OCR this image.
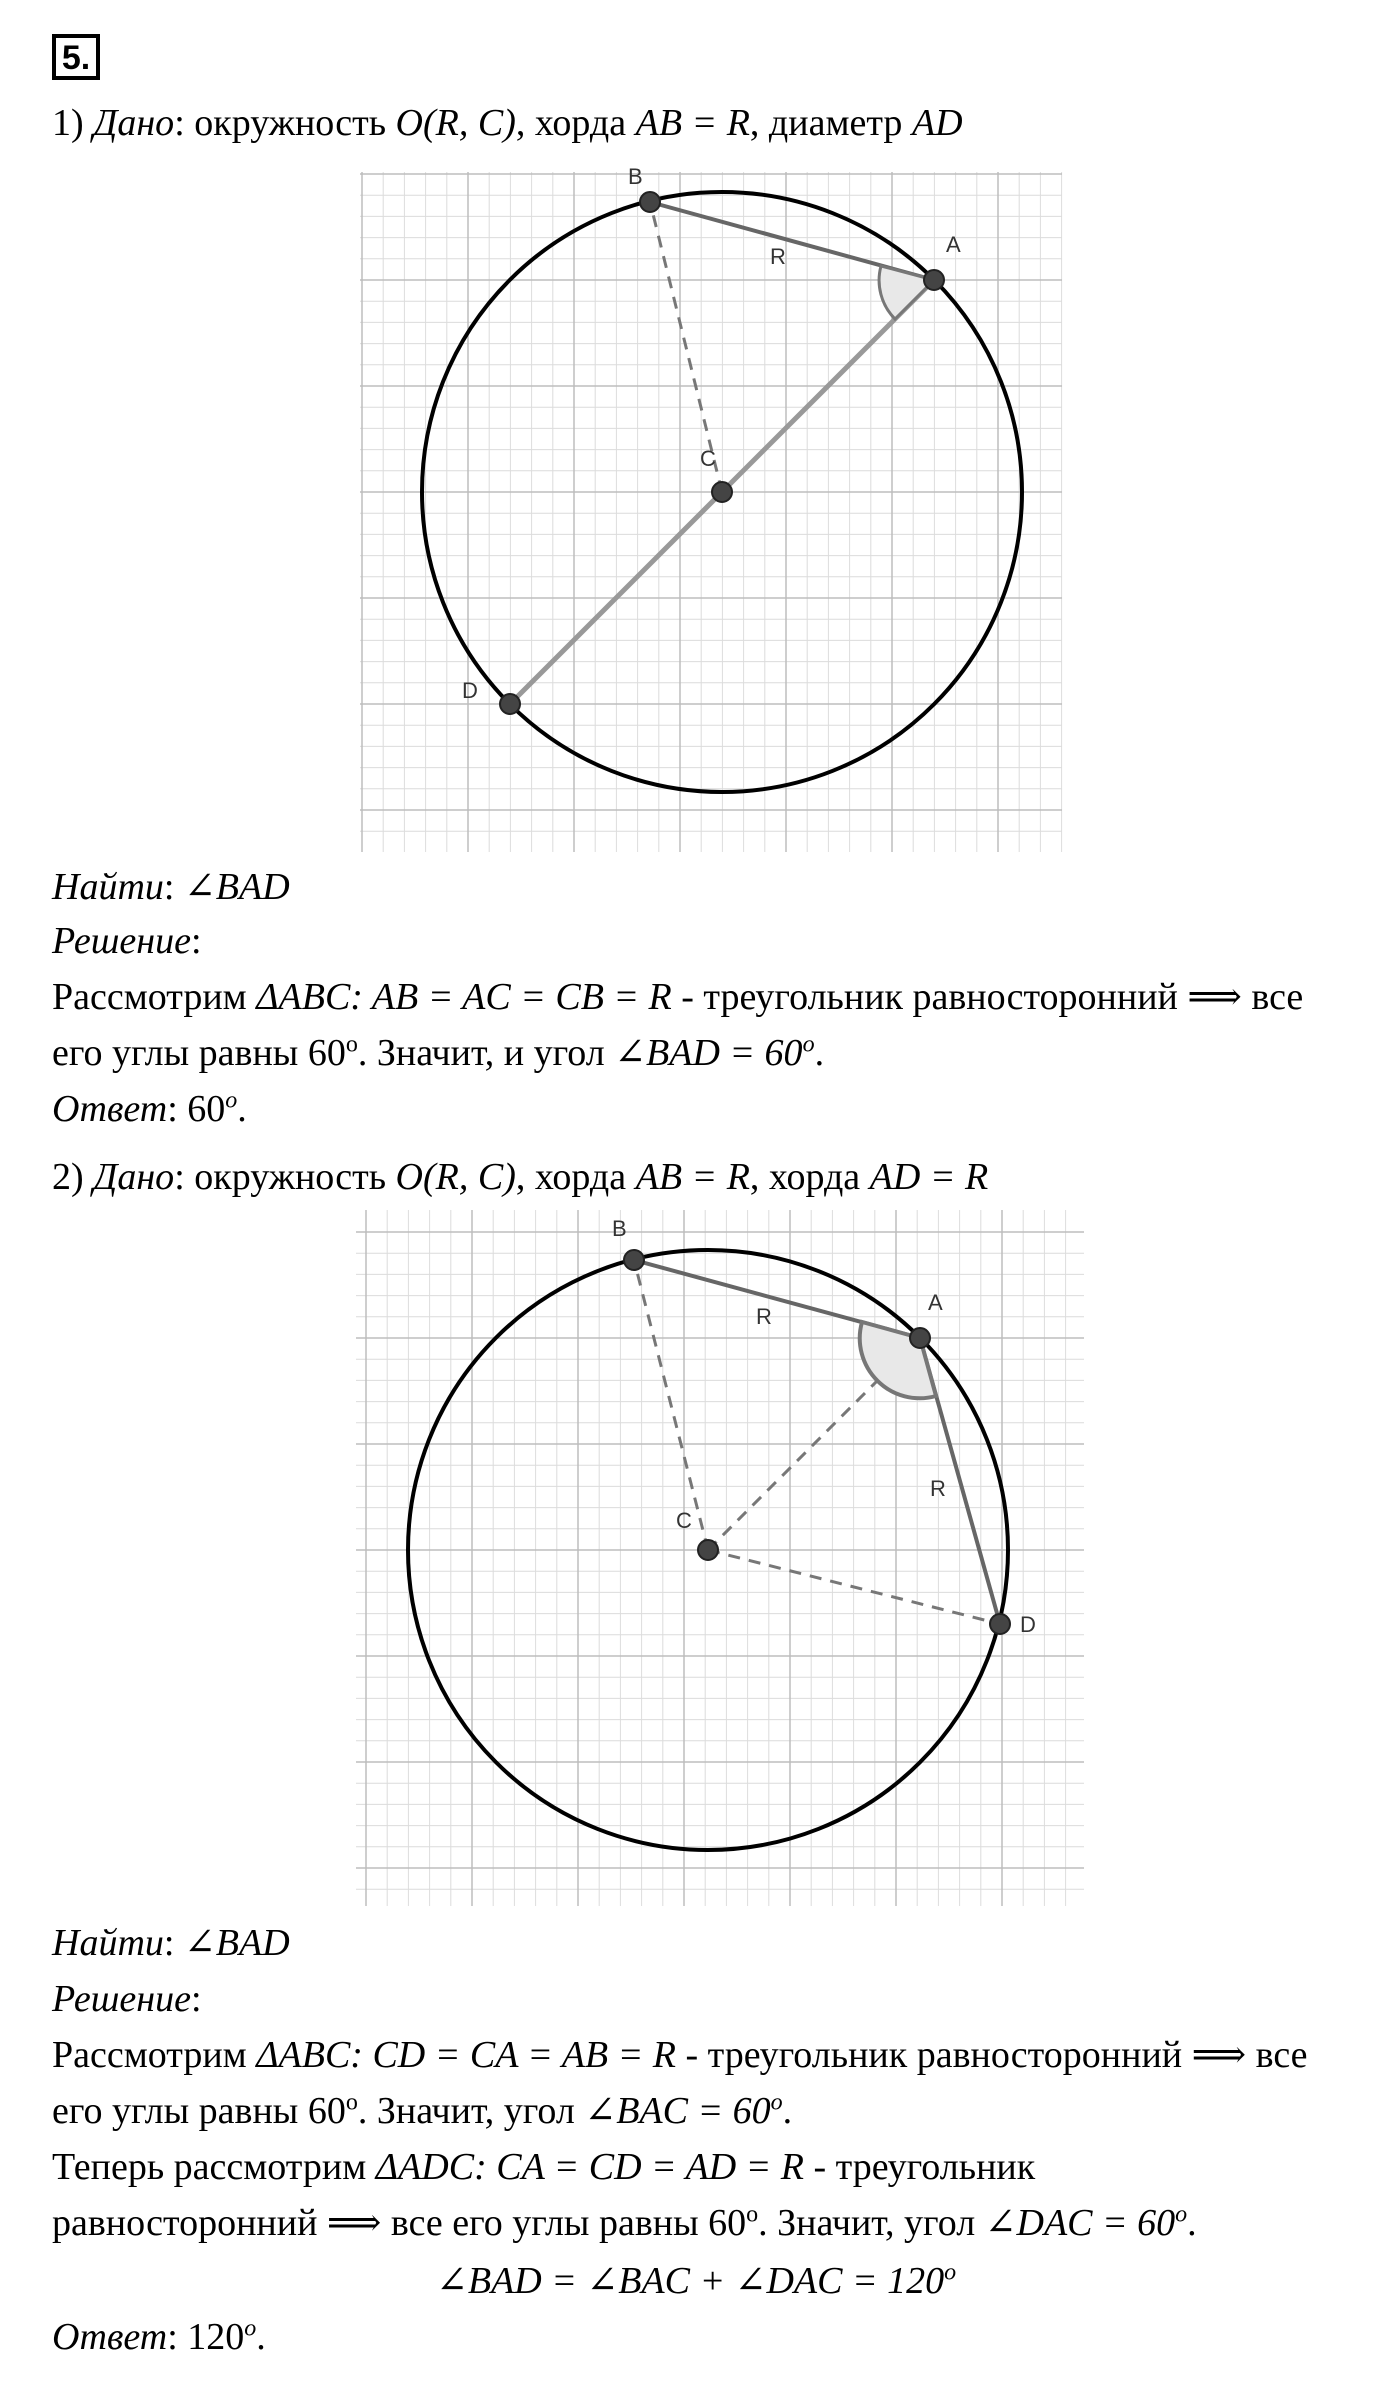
5.
1) Дано: окружность O(R, C), хорда AB = R, диаметр AD
B
A
C
D
R
Найти: ∠BAD
Решение:
Рассмотрим ΔABC: AB = AC = CB = R - треугольник равносторонний ⟹ все
его углы равны 60$^o$. Значит, и угол ∠BAD = $60^o$.
Ответ: 60$^o$.
2) Дано: окружность O(R, C), хорда AB = R, хорда AD = R
B
A
C
D
R
R
Найти: ∠BAD
Решение:
Рассмотрим ΔABC: CD = CA = AB = R - треугольник равносторонний ⟹ все
его углы равны 60$^o$. Значит, угол ∠BAC = $60^o$.
Теперь рассмотрим ΔADC: CA = CD = AD = R - треугольник
равносторонний ⟹ все его углы равны 60$^o$. Значит, угол ∠DAC = $60^o$.
∠BAD = ∠BAC + ∠DAC = $120^o$
Ответ: 120$^o$.
